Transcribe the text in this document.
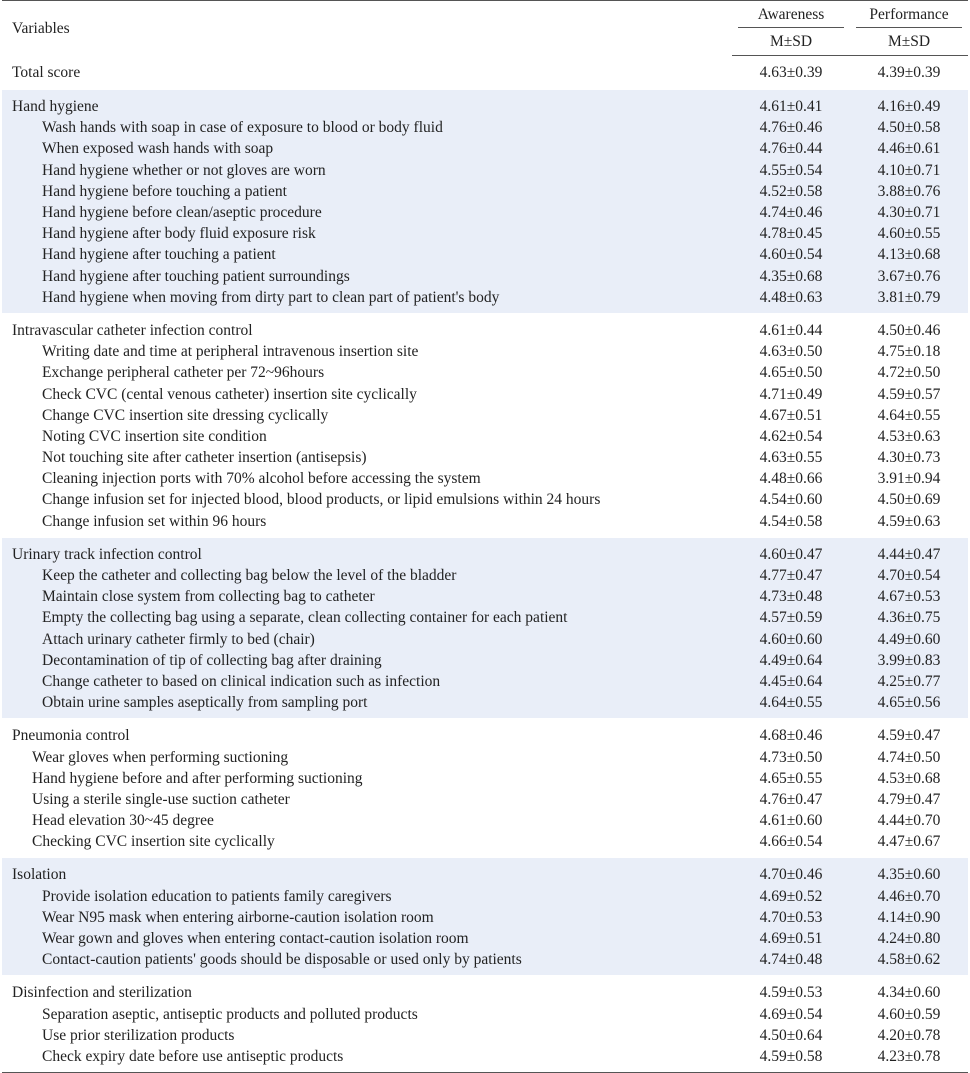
Variables	Awareness	Performance

	M±SD	M±SD
Total score	4.63±0.39	4.39±0.39
Hand hygiene	4.61±0.41	4.16±0.49
Wash hands with soap in case of exposure to blood or body fluid	4.76±0.46	4.50±0.58
When exposed wash hands with soap	4.76±0.44	4.46±0.61
Hand hygiene whether or not gloves are worn	4.55±0.54	4.10±0.71
Hand hygiene before touching a patient	4.52±0.58	3.88±0.76
Hand hygiene before clean/aseptic procedure	4.74±0.46	4.30±0.71
Hand hygiene after body fluid exposure risk	4.78±0.45	4.60±0.55
Hand hygiene after touching a patient	4.60±0.54	4.13±0.68
Hand hygiene after touching patient surroundings	4.35±0.68	3.67±0.76
Hand hygiene when moving from dirty part to clean part of patient's body	4.48±0.63	3.81±0.79
Intravascular catheter infection control	4.61±0.44	4.50±0.46
Writing date and time at peripheral intravenous insertion site	4.63±0.50	4.75±0.18
Exchange peripheral catheter per 72~96hours	4.65±0.50	4.72±0.50
Check CVC (cental venous catheter) insertion site cyclically	4.71±0.49	4.59±0.57
Change CVC insertion site dressing cyclically	4.67±0.51	4.64±0.55
Noting CVC insertion site condition	4.62±0.54	4.53±0.63
Not touching site after catheter insertion (antisepsis)	4.63±0.55	4.30±0.73
Cleaning injection ports with 70% alcohol before accessing the system	4.48±0.66	3.91±0.94
Change infusion set for injected blood, blood products, or lipid emulsions within 24 hours	4.54±0.60	4.50±0.69
Change infusion set within 96 hours	4.54±0.58	4.59±0.63
Urinary track infection control	4.60±0.47	4.44±0.47
Keep the catheter and collecting bag below the level of the bladder	4.77±0.47	4.70±0.54
Maintain close system from collecting bag to catheter	4.73±0.48	4.67±0.53
Empty the collecting bag using a separate, clean collecting container for each patient	4.57±0.59	4.36±0.75
Attach urinary catheter firmly to bed (chair)	4.60±0.60	4.49±0.60
Decontamination of tip of collecting bag after draining	4.49±0.64	3.99±0.83
Change catheter to based on clinical indication such as infection	4.45±0.64	4.25±0.77
Obtain urine samples aseptically from sampling port	4.64±0.55	4.65±0.56
Pneumonia control	4.68±0.46	4.59±0.47
Wear gloves when performing suctioning	4.73±0.50	4.74±0.50
Hand hygiene before and after performing suctioning	4.65±0.55	4.53±0.68
Using a sterile single-use suction catheter	4.76±0.47	4.79±0.47
Head elevation 30~45 degree	4.61±0.60	4.44±0.70
Checking CVC insertion site cyclically	4.66±0.54	4.47±0.67
Isolation	4.70±0.46	4.35±0.60
Provide isolation education to patients family caregivers	4.69±0.52	4.46±0.70
Wear N95 mask when entering airborne-caution isolation room	4.70±0.53	4.14±0.90
Wear gown and gloves when entering contact-caution isolation room	4.69±0.51	4.24±0.80
Contact-caution patients' goods should be disposable or used only by patients	4.74±0.48	4.58±0.62
Disinfection and sterilization	4.59±0.53	4.34±0.60
Separation aseptic, antiseptic products and polluted products	4.69±0.54	4.60±0.59
Use prior sterilization products	4.50±0.64	4.20±0.78
Check expiry date before use antiseptic products	4.59±0.58	4.23±0.78
